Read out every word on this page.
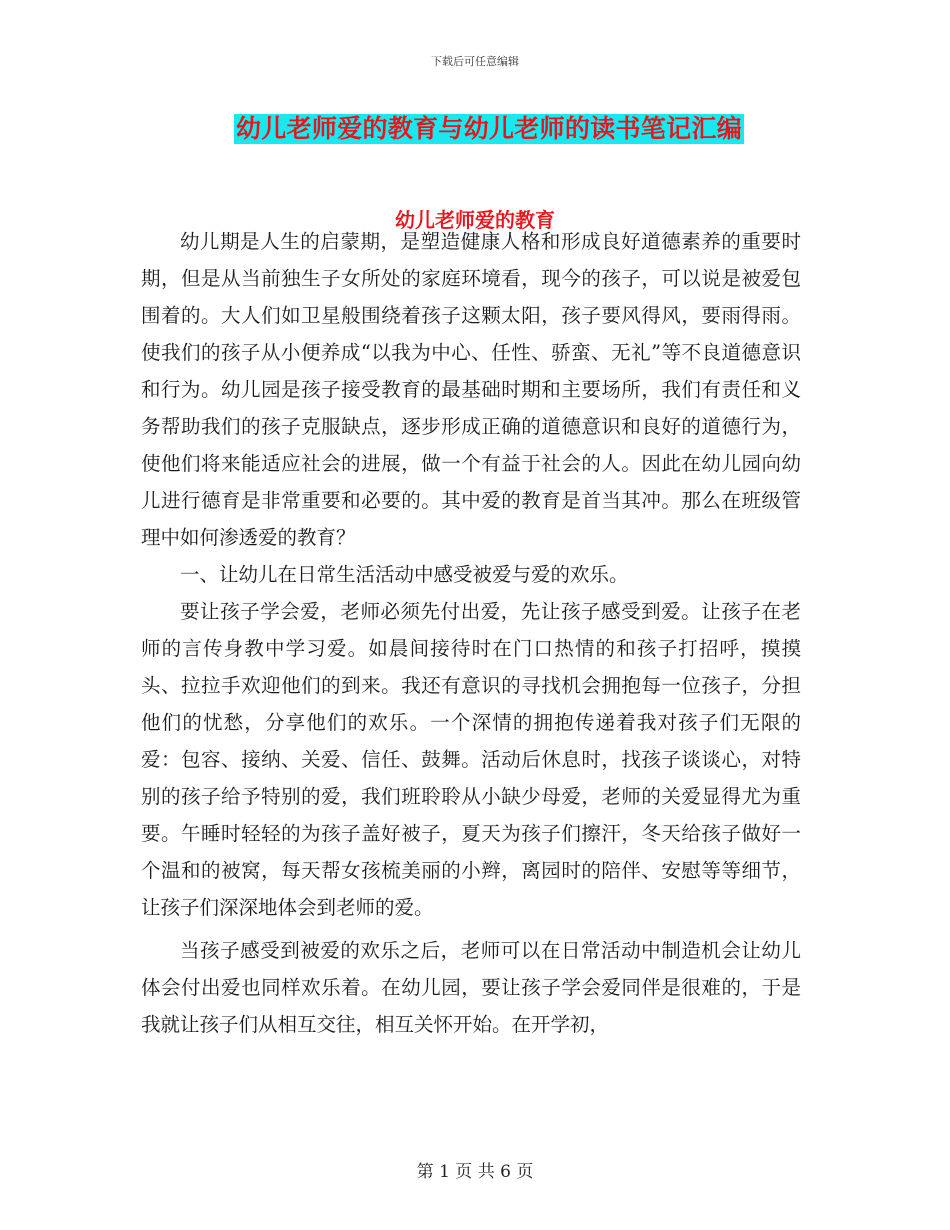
下载后可任意编辑
幼儿老师爱的教育与幼儿老师的读书笔记汇编
幼儿老师爱的教育

幼儿期是人生的启蒙期，是塑造健康人格和形成良好道德素养的重要时期，但是从当前独生子女所处的家庭环境看，现今的孩子，可以说是被爱包围着的。大人们如卫星般围绕着孩子这颗太阳，孩子要风得风，要雨得雨。使我们的孩子从小便养成“以我为中心、任性、骄蛮、无礼”等不良道德意识和行为。幼儿园是孩子接受教育的最基础时期和主要场所，我们有责任和义务帮助我们的孩子克服缺点，逐步形成正确的道德意识和良好的道德行为，使他们将来能适应社会的进展，做一个有益于社会的人。因此在幼儿园向幼儿进行德育是非常重要和必要的。其中爱的教育是首当其冲。那么在班级管理中如何渗透爱的教育？

一、让幼儿在日常生活活动中感受被爱与爱的欢乐。

要让孩子学会爱，老师必须先付出爱，先让孩子感受到爱。让孩子在老师的言传身教中学习爱。如晨间接待时在门口热情的和孩子打招呼，摸摸头、拉拉手欢迎他们的到来。我还有意识的寻找机会拥抱每一位孩子，分担他们的忧愁，分享他们的欢乐。一个深情的拥抱传递着我对孩子们无限的爱：包容、接纳、关爱、信任、鼓舞。活动后休息时，找孩子谈谈心，对特别的孩子给予特别的爱，我们班聆聆从小缺少母爱，老师的关爱显得尤为重要。午睡时轻轻的为孩子盖好被子，夏天为孩子们擦汗，冬天给孩子做好一个温和的被窝，每天帮女孩梳美丽的小辫，离园时的陪伴、安慰等等细节，让孩子们深深地体会到老师的爱。

当孩子感受到被爱的欢乐之后，老师可以在日常活动中制造机会让幼儿体会付出爱也同样欢乐着。在幼儿园，要让孩子学会爱同伴是很难的，于是我就让孩子们从相互交往，相互关怀开始。在开学初，

第 1 页 共 6 页
